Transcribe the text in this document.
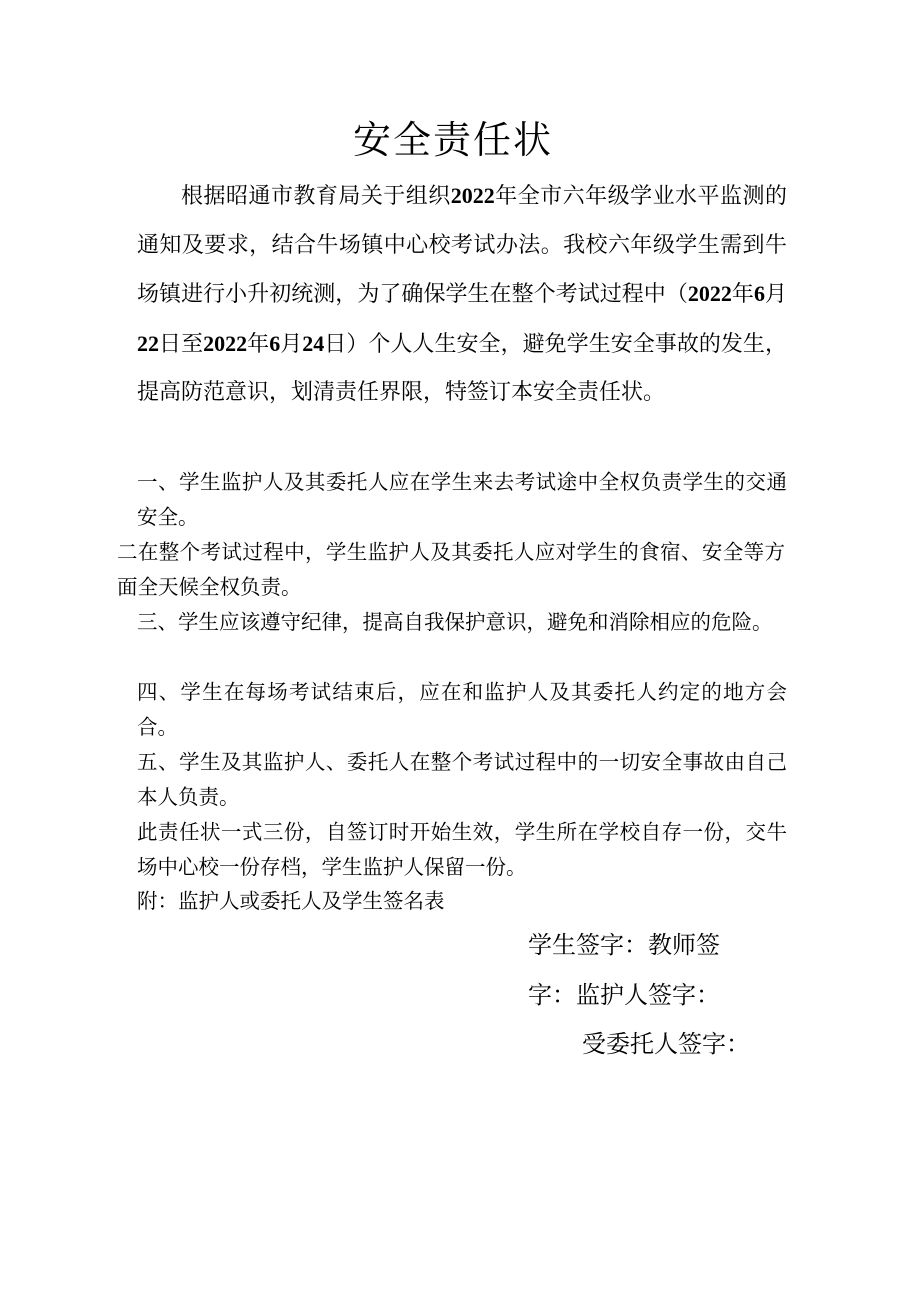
安全责任状

根据昭通市教育局关于组织2022年全市六年级学业水平监测的通知及要求，结合牛场镇中心校考试办法。我校六年级学生需到牛场镇进行小升初统测，为了确保学生在整个考试过程中（2022年6月22日至2022年6月24日）个人人生安全，避免学生安全事故的发生，提高防范意识，划清责任界限，特签订本安全责任状。

一、学生监护人及其委托人应在学生来去考试途中全权负责学生的交通安全。

二在整个考试过程中，学生监护人及其委托人应对学生的食宿、安全等方面全天候全权负责。

三、学生应该遵守纪律，提高自我保护意识，避免和消除相应的危险。

四、学生在每场考试结束后，应在和监护人及其委托人约定的地方会合。

五、学生及其监护人、委托人在整个考试过程中的一切安全事故由自己本人负责。

此责任状一式三份，自签订时开始生效，学生所在学校自存一份，交牛场中心校一份存档，学生监护人保留一份。

附：监护人或委托人及学生签名表

学生签字：教师签

字：监护人签字：

受委托人签字：
